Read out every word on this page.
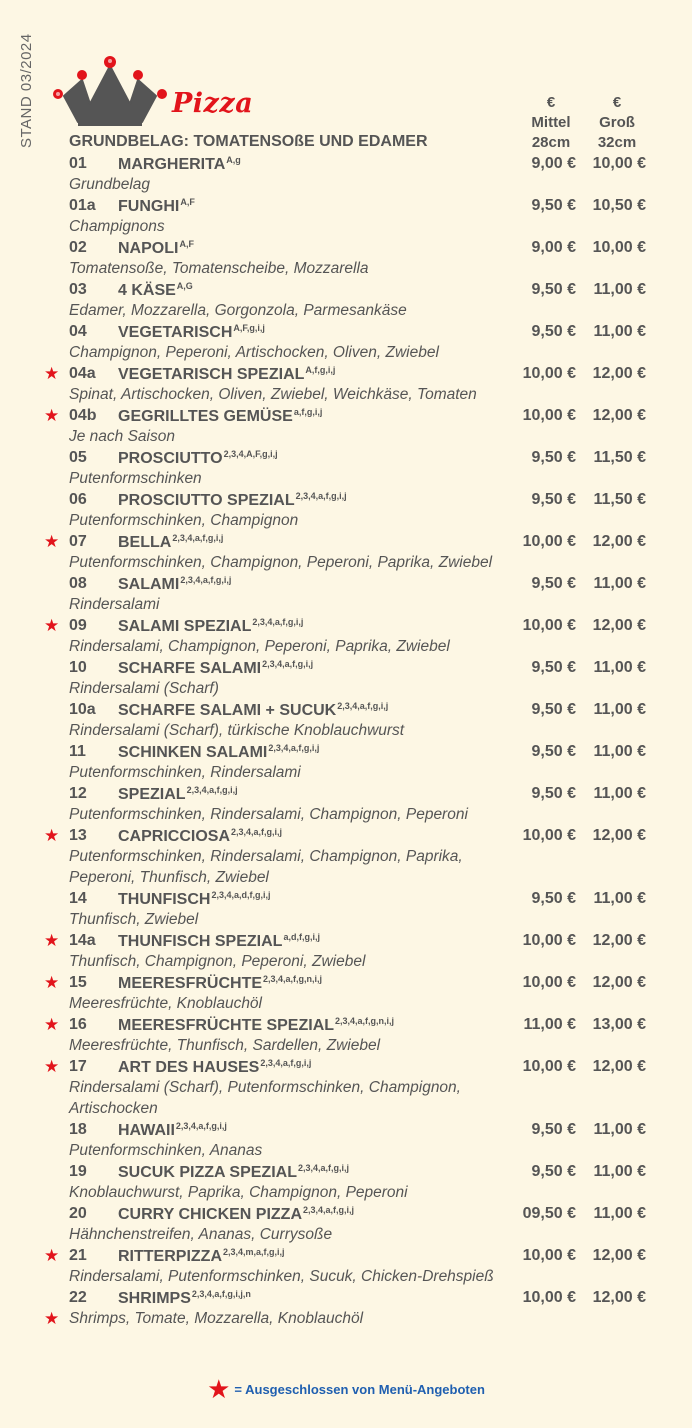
STAND 03/2024	Pizza	€
Mittel
28cm
€
Groß
32cm
GRUNDBELAG: TOMATENSOßE UND EDAMER
01 $MARGHERITA^{A,g}$	9,00 € 10,00 €
Grundbelag
01a $FUNGHI^{A,F}$	9,50 € 10,50 €
Champignons
02 $NAPOLI^{A,F}$	9,00 € 10,00 €
Tomatensoße, Tomatenscheibe, Mozzarella
03 4 $KÄSE^{A,G}$	9,50 € 11,00 €
Edamer, Mozzarella, Gorgonzola, Parmesankäse
04 $VEGETARISCH^{A,F,g,i,j}$	9,50 € 11,00 €
Champignon, Peperoni, Artischocken, Oliven, Zwiebel
★ 04a VEGETARISCH $SPEZIAL^{A,f,g,i,j}$	10,00 € 12,00 €
Spinat, Artischocken, Oliven, Zwiebel, Weichkäse, Tomaten
★ 04b GEGRILLTES GEMÜSE$^{a,f,g,i,j}$	10,00 € 12,00 €
Je nach Saison
05 $PROSCIUTTO^{2,3,4,A,F,g,i,j}$	9,50 € 11,50 €
Putenformschinken
06 PROSCIUTTO SPEZIAL$^{2,3,4,a,f,g,i,j}$	9,50 € 11,50 €
Putenformschinken, Champignon
★ 07 BELLA$^{2,3,4,a,f,g,i,j}$	10,00 € 12,00 €
Putenformschinken, Champignon, Peperoni, Paprika, Zwiebel
08 SALAMI$^{2,3,4,a,f,g,i,j}$	9,50 € 11,00 €
Rindersalami
★ 09 SALAMI SPEZIAL$^{2,3,4,a,f,g,i,j}$	10,00 € 12,00 €
Rindersalami, Champignon, Peperoni, Paprika, Zwiebel
10 SCHARFE SALAMI$^{2,3,4,a,f,g,i,j}$	9,50 € 11,00 €
Rindersalami (Scharf)
10a SCHARFE SALAMI + SUCUK$^{2,3,4,a,f,g,i,j}$	9,50 € 11,00 €
Rindersalami (Scharf), türkische Knoblauchwurst
11 SCHINKEN SALAMI$^{2,3,4,a,f,g,i,j}$	9,50 € 11,00 €
Putenformschinken, Rindersalami
12 SPEZIAL$^{2,3,4,a,f,g,i,j}$	9,50 € 11,00 €
Putenformschinken, Rindersalami, Champignon, Peperoni
★ 13 CAPRICCIOSA$^{2,3,4,a,f,g,i,j}$	10,00 € 12,00 €
Putenformschinken, Rindersalami, Champignon, Paprika,
Peperoni, Thunfisch, Zwiebel
14 THUNFISCH$^{2,3,4,a,d,f,g,i,j}$	9,50 € 11,00 €
Thunfisch, Zwiebel
★ 14a THUNFISCH SPEZIAL$^{a,d,f,g,i,j}$	10,00 € 12,00 €
Thunfisch, Champignon, Peperoni, Zwiebel
★ 15 MEERESFRÜCHTE$^{2,3,4,a,f,g,n,i,j}$	10,00 € 12,00 €
Meeresfrüchte, Knoblauchöl
★ 16 MEERESFRÜCHTE SPEZIAL$^{2,3,4,a,f,g,n,i,j}$	11,00 € 13,00 €
Meeresfrüchte, Thunfisch, Sardellen, Zwiebel
★ 17 ART DES HAUSES$^{2,3,4,a,f,g,i,j}$	10,00 € 12,00 €
Rindersalami (Scharf), Putenformschinken, Champignon,
Artischocken
18 HAWAII$^{2,3,4,a,f,g,i,j}$	9,50 € 11,00 €
Putenformschinken, Ananas
19 SUCUK PIZZA SPEZIAL$^{2,3,4,a,f,g,i,j}$	9,50 € 11,00 €
Knoblauchwurst, Paprika, Champignon, Peperoni
20 CURRY CHICKEN PIZZA$^{2,3,4,a,f,g,i,j}$	09,50 € 11,00 €
Hähnchenstreifen, Ananas, Currysoße
★ 21 RITTERPIZZA$^{2,3,4,m,a,f,g,i,j}$	10,00 € 12,00 €
Rindersalami, Putenformschinken, Sucuk, Chicken-Drehspieß
22 SHRIMPS$^{2,3,4,a,f,g,i,j,n}$	10,00 € 12,00 €
★ Shrimps, Tomate, Mozzarella, Knoblauchöl
★ = Ausgeschlossen von Menü-Angeboten
